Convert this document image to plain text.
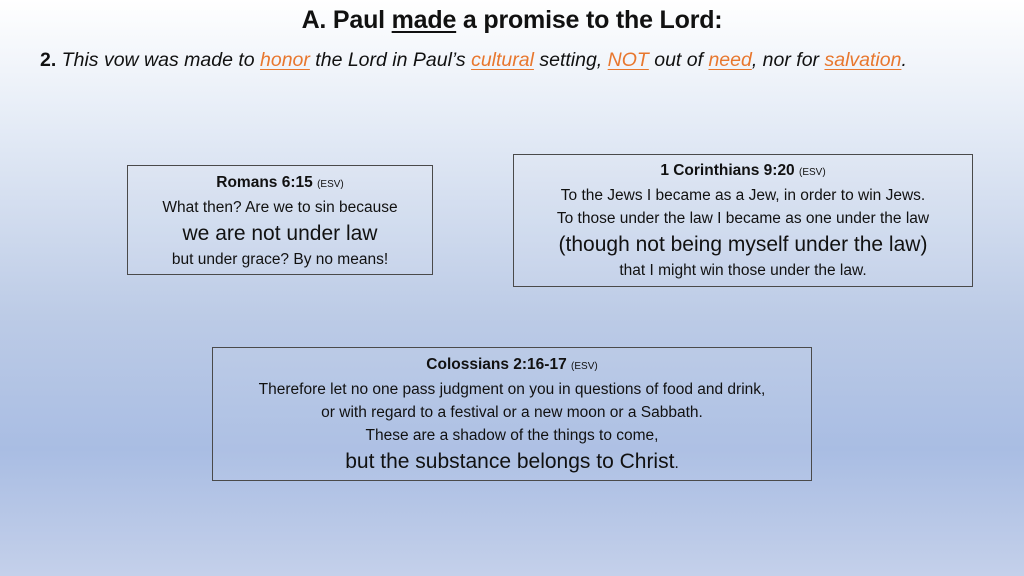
A. Paul made a promise to the Lord:
2. This vow was made to honor the Lord in Paul’s cultural setting, NOT out of need, nor for salvation.
Romans 6:15 (ESV)
What then? Are we to sin because
we are not under law
but under grace? By no means!
1 Corinthians 9:20 (ESV)
To the Jews I became as a Jew, in order to win Jews.
To those under the law I became as one under the law
(though not being myself under the law)
that I might win those under the law.
Colossians 2:16-17 (ESV)
Therefore let no one pass judgment on you in questions of food and drink,
or with regard to a festival or a new moon or a Sabbath.
These are a shadow of the things to come,
but the substance belongs to Christ.
